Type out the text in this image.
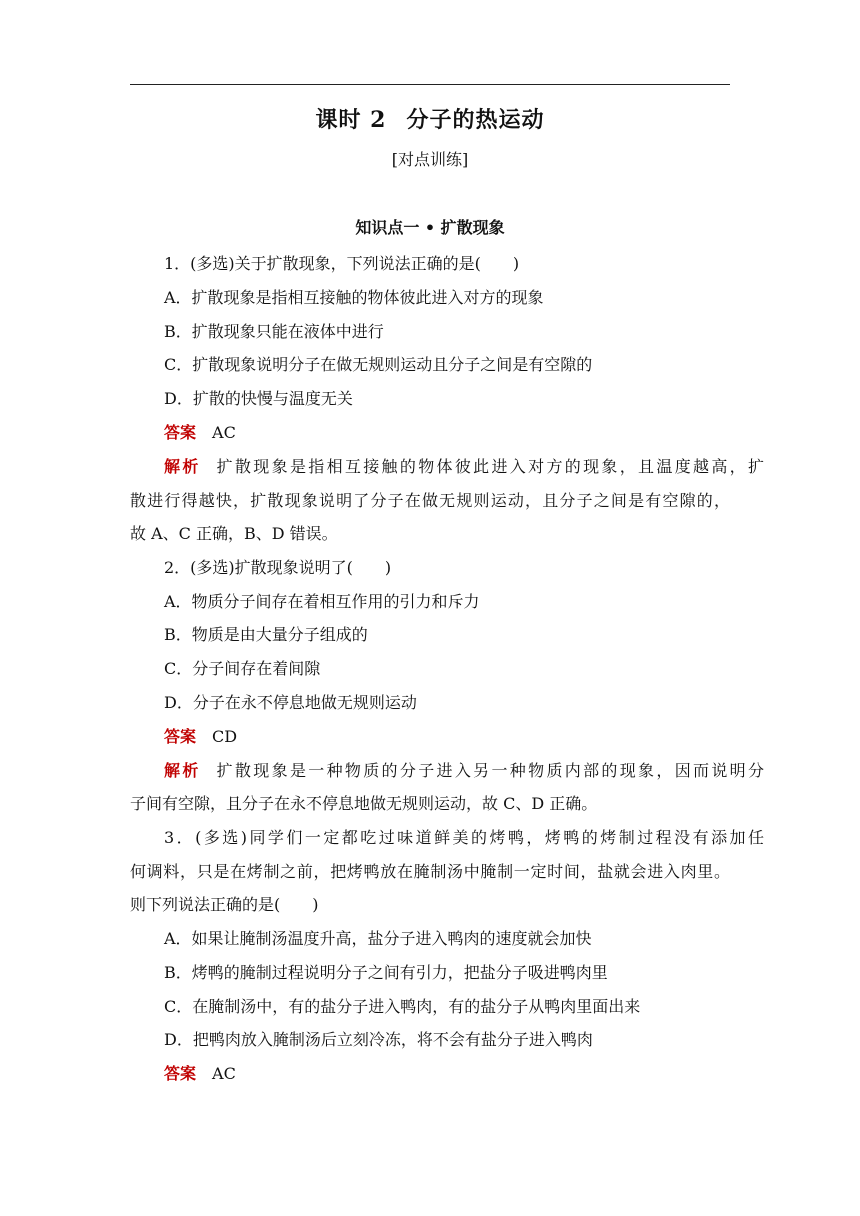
课时 2 分子的热运动
[对点训练]
知识点一 • 扩散现象
1．(多选)关于扩散现象，下列说法正确的是(　　)
A．扩散现象是指相互接触的物体彼此进入对方的现象
B．扩散现象只能在液体中进行
C．扩散现象说明分子在做无规则运动且分子之间是有空隙的
D．扩散的快慢与温度无关
答案 AC
解析 扩散现象是指相互接触的物体彼此进入对方的现象，且温度越高，扩
散进行得越快，扩散现象说明了分子在做无规则运动，且分子之间是有空隙的，
故 A、C 正确，B、D 错误。
2．(多选)扩散现象说明了(　　)
A．物质分子间存在着相互作用的引力和斥力
B．物质是由大量分子组成的
C．分子间存在着间隙
D．分子在永不停息地做无规则运动
答案 CD
解析 扩散现象是一种物质的分子进入另一种物质内部的现象，因而说明分
子间有空隙，且分子在永不停息地做无规则运动，故 C、D 正确。
3．(多选)同学们一定都吃过味道鲜美的烤鸭，烤鸭的烤制过程没有添加任
何调料，只是在烤制之前，把烤鸭放在腌制汤中腌制一定时间，盐就会进入肉里。
则下列说法正确的是(　　)
A．如果让腌制汤温度升高，盐分子进入鸭肉的速度就会加快
B．烤鸭的腌制过程说明分子之间有引力，把盐分子吸进鸭肉里
C．在腌制汤中，有的盐分子进入鸭肉，有的盐分子从鸭肉里面出来
D．把鸭肉放入腌制汤后立刻冷冻，将不会有盐分子进入鸭肉
答案 AC
